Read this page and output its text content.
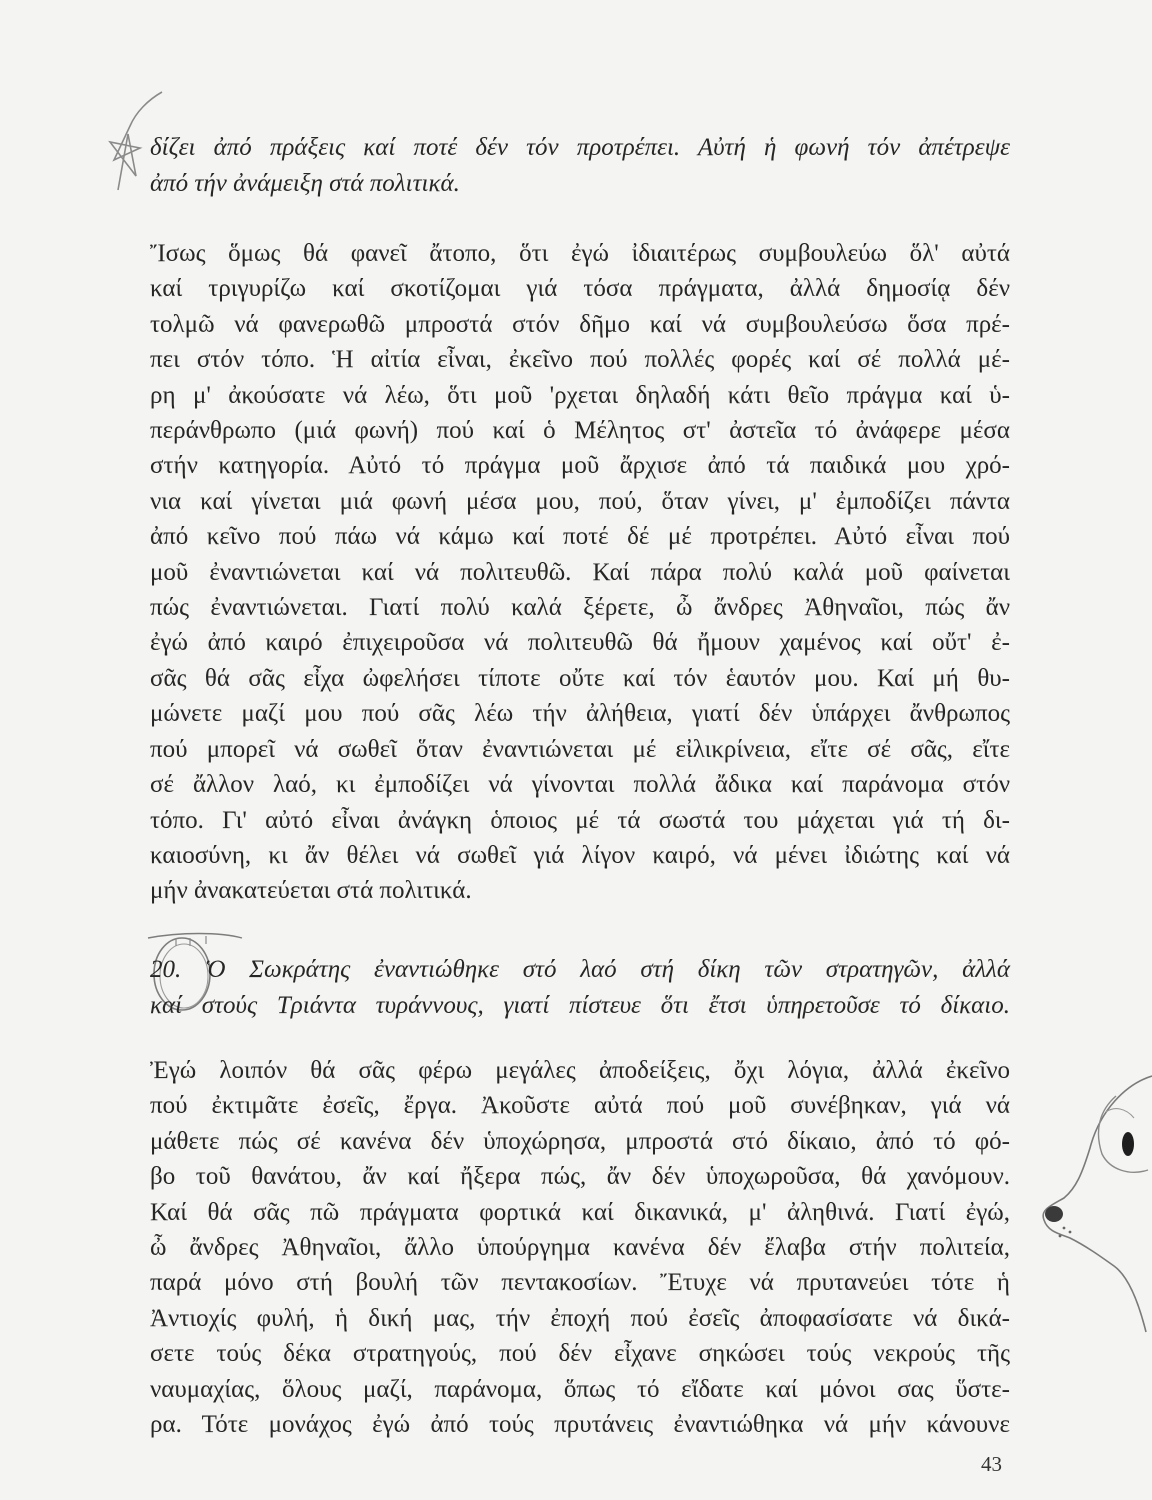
δίζει ἀπό πράξεις καί ποτέ δέν τόν προτρέπει. Αὐτή ἡ φωνή τόν ἀπέτρεψε
ἀπό τήν ἀνάμειξη στά πολιτικά.
Ἴσως ὅμως θά φανεῖ ἄτοπο, ὅτι ἐγώ ἰδιαιτέρως συμβουλεύω ὅλ' αὐτά
καί τριγυρίζω καί σκοτίζομαι γιά τόσα πράγματα, ἀλλά δημοσίᾳ δέν
τολμῶ νά φανερωθῶ μπροστά στόν δῆμο καί νά συμβουλεύσω ὅσα πρέ-
πει στόν τόπο. Ἡ αἰτία εἶναι, ἐκεῖνο πού πολλές φορές καί σέ πολλά μέ-
ρη μ' ἀκούσατε νά λέω, ὅτι μοῦ 'ρχεται δηλαδή κάτι θεῖο πράγμα καί ὑ-
περάνθρωπο (μιά φωνή) πού καί ὁ Μέλητος στ' ἀστεῖα τό ἀνάφερε μέσα
στήν κατηγορία. Αὐτό τό πράγμα μοῦ ἄρχισε ἀπό τά παιδικά μου χρό-
νια καί γίνεται μιά φωνή μέσα μου, πού, ὅταν γίνει, μ' ἐμποδίζει πάντα
ἀπό κεῖνο πού πάω νά κάμω καί ποτέ δέ μέ προτρέπει. Αὐτό εἶναι πού
μοῦ ἐναντιώνεται καί νά πολιτευθῶ. Καί πάρα πολύ καλά μοῦ φαίνεται
πώς ἐναντιώνεται. Γιατί πολύ καλά ξέρετε, ὦ ἄνδρες Ἀθηναῖοι, πώς ἄν
ἐγώ ἀπό καιρό ἐπιχειροῦσα νά πολιτευθῶ θά ἤμουν χαμένος καί οὔτ' ἐ-
σᾶς θά σᾶς εἶχα ὠφελήσει τίποτε οὔτε καί τόν ἑαυτόν μου. Καί μή θυ-
μώνετε μαζί μου πού σᾶς λέω τήν ἀλήθεια, γιατί δέν ὑπάρχει ἄνθρωπος
πού μπορεῖ νά σωθεῖ ὅταν ἐναντιώνεται μέ εἰλικρίνεια, εἴτε σέ σᾶς, εἴτε
σέ ἄλλον λαό, κι ἐμποδίζει νά γίνονται πολλά ἄδικα καί παράνομα στόν
τόπο. Γι' αὐτό εἶναι ἀνάγκη ὁποιος μέ τά σωστά του μάχεται γιά τή δι-
καιοσύνη, κι ἄν θέλει νά σωθεῖ γιά λίγον καιρό, νά μένει ἰδιώτης καί νά
μήν ἀνακατεύεται στά πολιτικά.
20. Ὁ Σωκράτης ἐναντιώθηκε στό λαό στή δίκη τῶν στρατηγῶν, ἀλλά
καί στούς Τριάντα τυράννους, γιατί πίστευε ὅτι ἔτσι ὑπηρετοῦσε τό δίκαιο.
Ἐγώ λοιπόν θά σᾶς φέρω μεγάλες ἀποδείξεις, ὄχι λόγια, ἀλλά ἐκεῖνο
πού ἐκτιμᾶτε ἐσεῖς, ἔργα. Ἀκοῦστε αὐτά πού μοῦ συνέβηκαν, γιά νά
μάθετε πώς σέ κανένα δέν ὑποχώρησα, μπροστά στό δίκαιο, ἀπό τό φό-
βο τοῦ θανάτου, ἄν καί ἤξερα πώς, ἄν δέν ὑποχωροῦσα, θά χανόμουν.
Καί θά σᾶς πῶ πράγματα φορτικά καί δικανικά, μ' ἀληθινά. Γιατί ἐγώ,
ὦ ἄνδρες Ἀθηναῖοι, ἄλλο ὑπούργημα κανένα δέν ἔλαβα στήν πολιτεία,
παρά μόνο στή βουλή τῶν πεντακοσίων. Ἔτυχε νά πρυτανεύει τότε ἡ
Ἀντιοχίς φυλή, ἡ δική μας, τήν ἐποχή πού ἐσεῖς ἀποφασίσατε νά δικά-
σετε τούς δέκα στρατηγούς, πού δέν εἶχανε σηκώσει τούς νεκρούς τῆς
ναυμαχίας, ὅλους μαζί, παράνομα, ὅπως τό εἴδατε καί μόνοι σας ὕστε-
ρα. Τότε μονάχος ἐγώ ἀπό τούς πρυτάνεις ἐναντιώθηκα νά μήν κάνουνε
43
